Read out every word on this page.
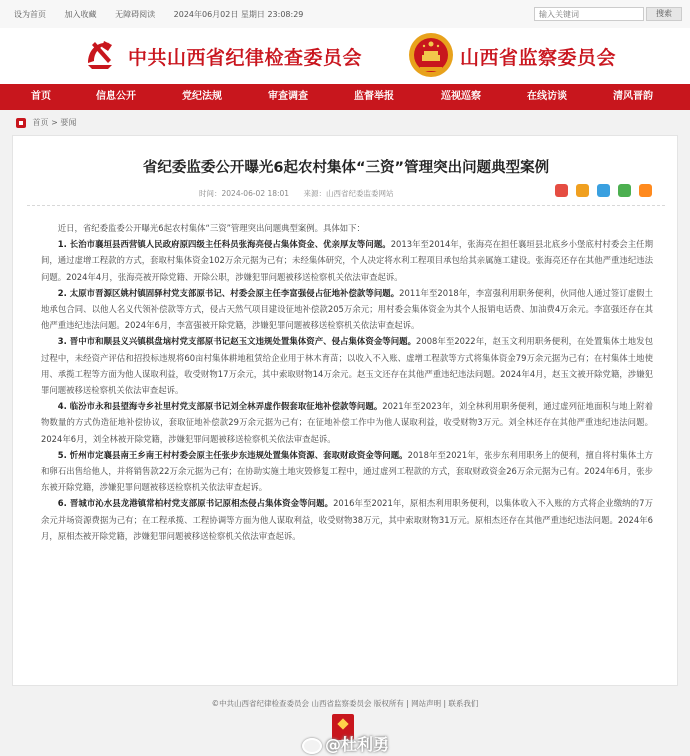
设为首页 加入收藏 无障碍阅读 2024年06月02日 星期日 23:08:29
输入关键词	搜索
中共山西省纪律检查委员会	山西省监察委员会
首页	信息公开	党纪法规	审查调查	监督举报	巡视巡察	在线访谈	清风晋韵
首页 > 要闻
省纪委监委公开曝光6起农村集体“三资”管理突出问题典型案例
时间：2024-06-02 18:01 来源：山西省纪委监委网站

近日，省纪委监委公开曝光6起农村集体“三资”管理突出问题典型案例。具体如下：

1. 长治市襄垣县西营镇人民政府原四级主任科员张海亮侵占集体资金、优亲厚友等问题。2013年至2014年，张海亮在担任襄垣县北底乡小堡底村村委会主任期间，通过虚增工程款的方式，套取村集体资金102万余元据为己有；未经集体研究，个人决定将水利工程项目承包给其亲属施工建设。张海亮还存在其他严重违纪违法问题。2024年4月，张海亮被开除党籍、开除公职，涉嫌犯罪问题被移送检察机关依法审查起诉。

2. 太原市晋源区姚村镇固驿村党支部原书记、村委会原主任李富强侵占征地补偿款等问题。2011年至2018年，李富强利用职务便利，伙同他人通过签订虚假土地承包合同、以他人名义代领补偿款等方式，侵占天然气项目建设征地补偿款205万余元；用村委会集体资金为其个人报销电话费、加油费4万余元。李富强还存在其他严重违纪违法问题。2024年6月，李富强被开除党籍，涉嫌犯罪问题被移送检察机关依法审查起诉。

3. 晋中市和顺县义兴镇棋盘垴村党支部原书记赵玉文违规处置集体资产、侵占集体资金等问题。2008年至2022年，赵玉文利用职务便利，在处置集体土地发包过程中，未经资产评估和招投标违规将60亩村集体耕地租赁给企业用于林木育苗；以收入不入账、虚增工程款等方式将集体资金79万余元据为己有；在村集体土地使用、承揽工程等方面为他人谋取利益，收受财物17万余元，其中索取财物14万余元。赵玉文还存在其他严重违纪违法问题。2024年4月，赵玉文被开除党籍，涉嫌犯罪问题被移送检察机关依法审查起诉。

4. 临汾市永和县望海寺乡社里村党支部原书记刘全林弄虚作假套取征地补偿款等问题。2021年至2023年，刘全林利用职务便利，通过虚列征地面积与地上附着物数量的方式伪造征地补偿协议，套取征地补偿款29万余元据为己有；在征地补偿工作中为他人谋取利益，收受财物3万元。刘全林还存在其他严重违纪违法问题。2024年6月，刘全林被开除党籍，涉嫌犯罪问题被移送检察机关依法审查起诉。

5. 忻州市定襄县南王乡南王村村委会原主任张步东违规处置集体资源、套取财政资金等问题。2018年至2021年，张步东利用职务上的便利，擅自将村集体土方和卵石出售给他人，并将销售款22万余元据为己有；在协助实施土地灾毁修复工程中，通过虚列工程款的方式，套取财政资金26万余元据为己有。2024年6月，张步东被开除党籍，涉嫌犯罪问题被移送检察机关依法审查起诉。

6. 晋城市沁水县龙港镇常柏村党支部原书记原相杰侵占集体资金等问题。2016年至2021年，原相杰利用职务便利，以集体收入不入账的方式将企业缴纳的7万余元并场资源费据为己有；在工程承揽、工程协调等方面为他人谋取利益，收受财物38万元，其中索取财物31万元。原相杰还存在其他严重违纪违法问题。2024年6月，原相杰被开除党籍，涉嫌犯罪问题被移送检察机关依法审查起诉。

©中共山西省纪律检查委员会 山西省监察委员会 版权所有 | 网站声明 | 联系我们
@杜利勇
